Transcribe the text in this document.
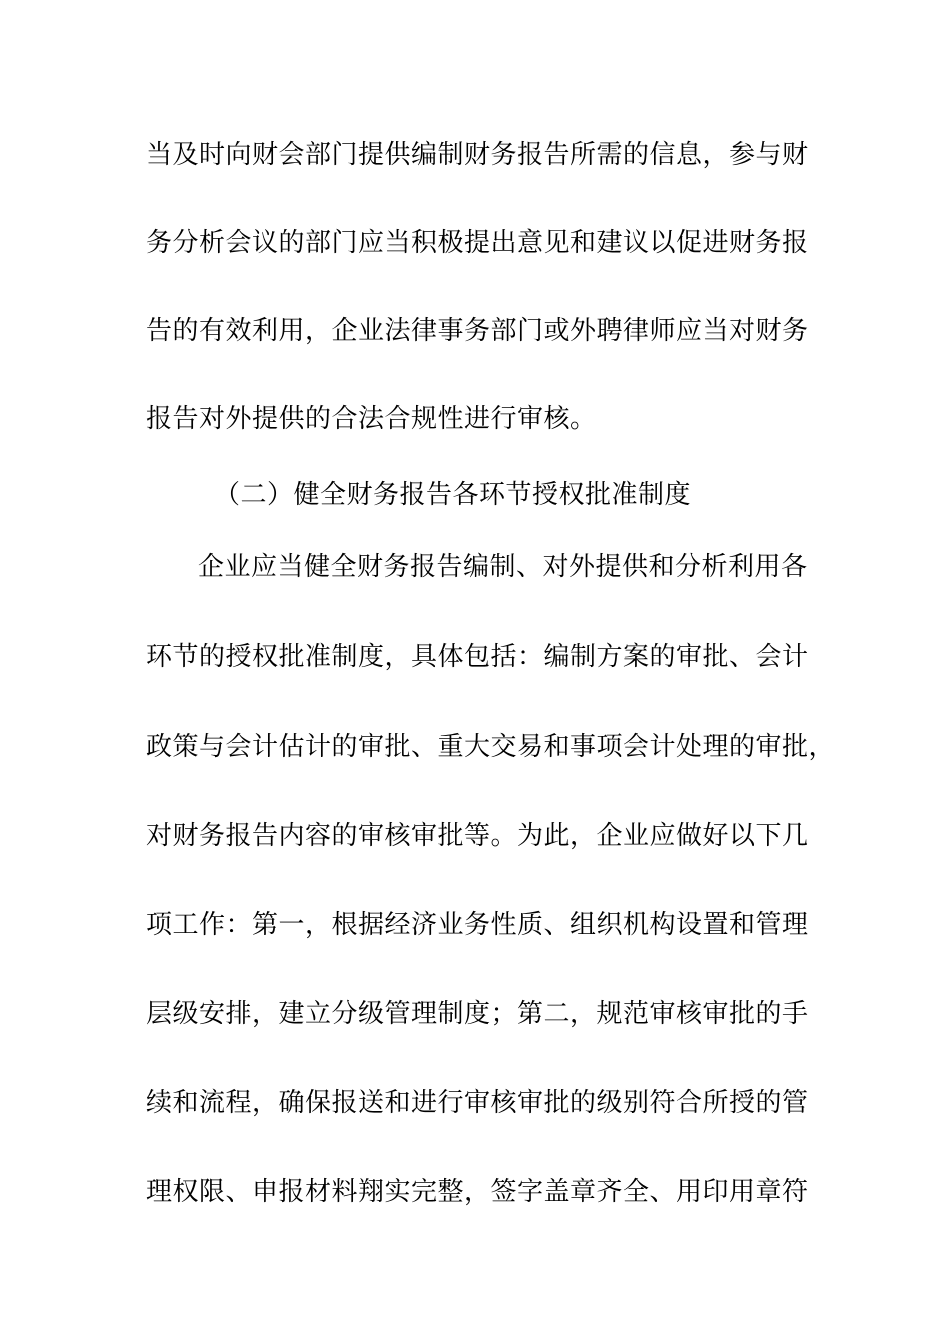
当及时向财会部门提供编制财务报告所需的信息，参与财
务分析会议的部门应当积极提出意见和建议以促进财务报
告的有效利用，企业法律事务部门或外聘律师应当对财务
报告对外提供的合法合规性进行审核。
（二）健全财务报告各环节授权批准制度
企业应当健全财务报告编制、对外提供和分析利用各
环节的授权批准制度，具体包括：编制方案的审批、会计
政策与会计估计的审批、重大交易和事项会计处理的审批，
对财务报告内容的审核审批等。为此，企业应做好以下几
项工作：第一，根据经济业务性质、组织机构设置和管理
层级安排，建立分级管理制度；第二，规范审核审批的手
续和流程，确保报送和进行审核审批的级别符合所授的管
理权限、申报材料翔实完整，签字盖章齐全、用印用章符
